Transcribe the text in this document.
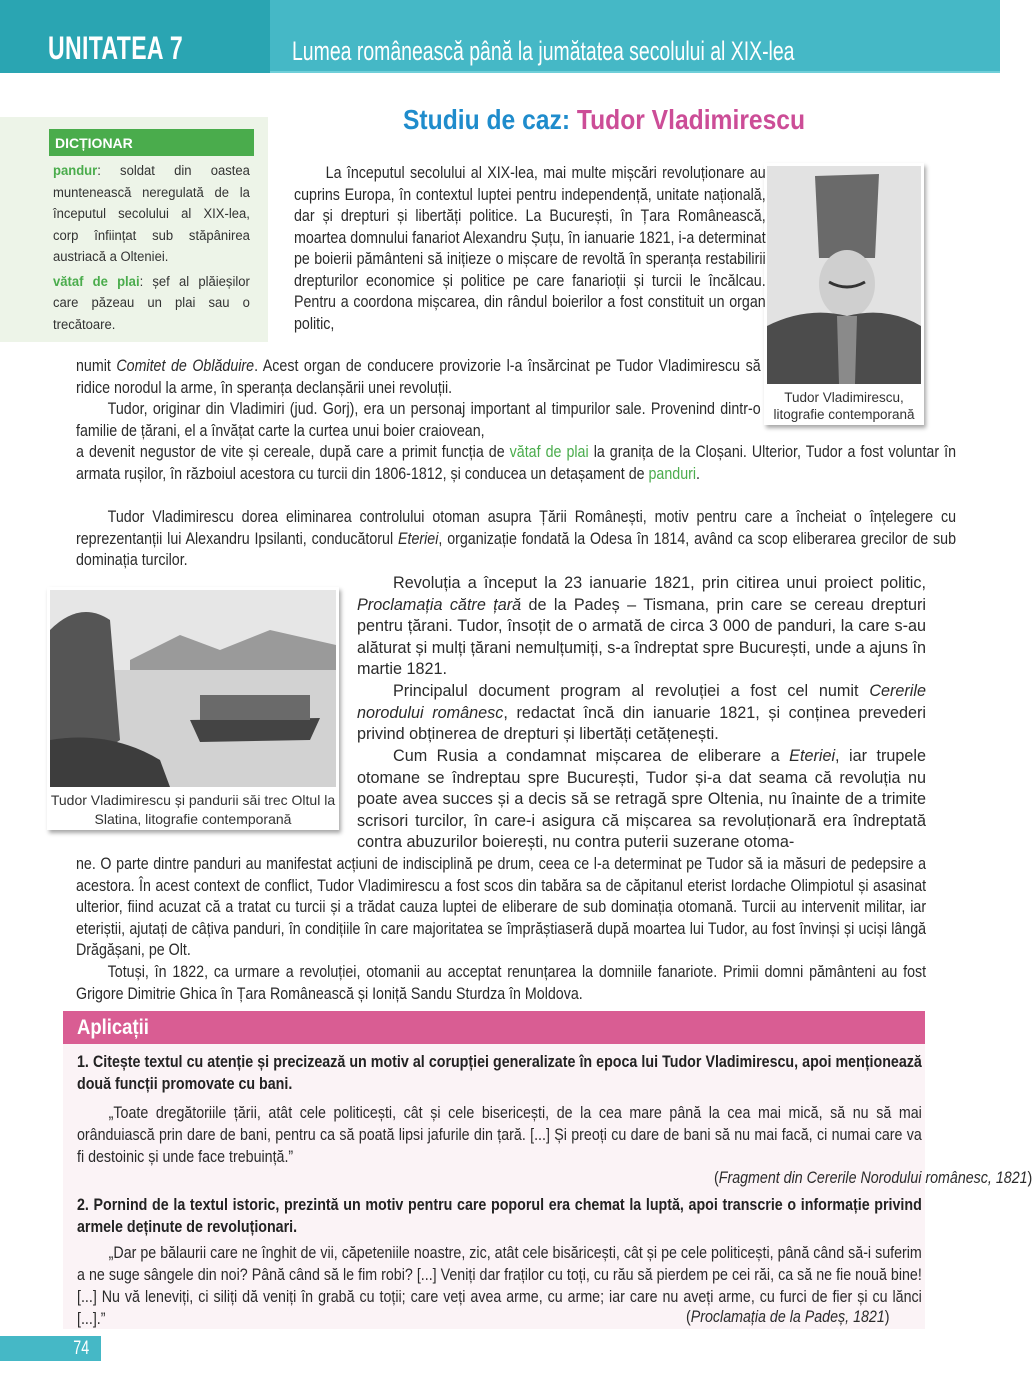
UNITATEA 7	Lumea românească până la jumătatea secolului al XIX-lea
DICȚIONAR
pandur: soldat din oastea muntenească neregulată de la începutul secolului al XIX-lea, corp înființat sub stăpânirea austriacă a Olteniei.
vătaf de plai: șef al plăieșilor care păzeau un plai sau o trecătoare.
Studiu de caz: Tudor Vladimirescu
Tudor Vladimirescu, litografie contemporană
La începutul secolului al XIX-lea, mai multe mișcări revoluționare au cuprins Europa, în contextul luptei pentru independență, unitate națională, dar și drepturi și libertăți politice. La București, în Țara Românească, moartea domnului fanariot Alexandru Șuțu, în ianuarie 1821, i-a determinat pe boierii pământeni să inițieze o mișcare de revoltă în speranța restabilirii drepturilor economice și politice pe care fanarioții și turcii le încălcau. Pentru a coordona mișcarea, din rândul boierilor a fost constituit un organ politic,
numit Comitet de Oblăduire. Acest organ de conducere provizorie l-a însărcinat pe Tudor Vladimirescu să ridice norodul la arme, în speranța declanșării unei revoluții.
Tudor, originar din Vladimiri (jud. Gorj), era un personaj important al timpurilor sale. Provenind dintr-o familie de țărani, el a învățat carte la curtea unui boier craiovean,
a devenit negustor de vite și cereale, după care a primit funcția de vătaf de plai la granița de la Cloșani. Ulterior, Tudor a fost voluntar în armata rușilor, în războiul acestora cu turcii din 1806-1812, și conducea un detașament de panduri.
Tudor Vladimirescu dorea eliminarea controlului otoman asupra Țării Românești, motiv pentru care a încheiat o înțelegere cu reprezentanții lui Alexandru Ipsilanti, conducătorul Eteriei, organizație fondată la Odesa în 1814, având ca scop eliberarea grecilor de sub dominația turcilor.
Tudor Vladimirescu și pandurii săi trec Oltul la Slatina, litografie contemporană
Revoluția a început la 23 ianuarie 1821, prin citirea unui proiect politic, Proclamația către țară de la Padeș – Tismana, prin care se cereau drepturi pentru țărani. Tudor, însoțit de o armată de circa 3 000 de panduri, la care s-au alăturat și mulți țărani nemulțumiți, s-a îndreptat spre București, unde a ajuns în martie 1821.
Principalul document program al revoluției a fost cel numit Cererile norodului românesc, redactat încă din ianuarie 1821, și conținea prevederi privind obținerea de drepturi și libertăți cetățenești.
Cum Rusia a condamnat mișcarea de eliberare a Eteriei, iar trupele otomane se îndreptau spre București, Tudor și-a dat seama că revoluția nu poate avea succes și a decis să se retragă spre Oltenia, nu înainte de a trimite scrisori turcilor, în care-i asigura că mișcarea sa revoluționară era îndreptată contra abuzurilor boierești, nu contra puterii suzerane otoma-
ne. O parte dintre panduri au manifestat acțiuni de indisciplină pe drum, ceea ce l-a determinat pe Tudor să ia măsuri de pedepsire a acestora. În acest context de conflict, Tudor Vladimirescu a fost scos din tabăra sa de căpitanul eterist Iordache Olimpiotul și asasinat ulterior, fiind acuzat că a tratat cu turcii și a trădat cauza luptei de eliberare de sub dominația otomană. Turcii au intervenit militar, iar eteriștii, ajutați de câțiva panduri, în condițiile în care majoritatea se împrăștiaseră după moartea lui Tudor, au fost învinși și uciși lângă Drăgășani, pe Olt.
Totuși, în 1822, ca urmare a revoluției, otomanii au acceptat renunțarea la domniile fanariote. Primii domni pământeni au fost Grigore Dimitrie Ghica în Țara Românească și Ioniță Sandu Sturdza în Moldova.
Aplicații
1. Citește textul cu atenție și precizează un motiv al corupției generalizate în epoca lui Tudor Vladimirescu, apoi menționează două funcții promovate cu bani.
„Toate dregătoriile țării, atât cele politicești, cât și cele bisericești, de la cea mare până la cea mai mică, să nu să mai orânduiască prin dare de bani, pentru ca să poată lipsi jafurile din țară. [...] Și preoți cu dare de bani să nu mai facă, ci numai care va fi destoinic și unde face trebuință.”
(Fragment din Cererile Norodului românesc, 1821)
2. Pornind de la textul istoric, prezintă un motiv pentru care poporul era chemat la luptă, apoi transcrie o informație privind armele deținute de revoluționari.
„Dar pe bălaurii care ne înghit de vii, căpeteniile noastre, zic, atât cele bisăricești, cât și pe cele politicești, până când să-i suferim a ne suge sângele din noi? Până când să le fim robi? [...] Veniți dar fraților cu toți, cu rău să pierdem pe cei răi, ca să ne fie nouă bine! [...] Nu vă leneviți, ci siliți dă veniți în grabă cu toții; care veți avea arme, cu arme; iar care nu aveți arme, cu furci de fier și cu lănci [...].”	(Proclamația de la Padeș, 1821)
74
